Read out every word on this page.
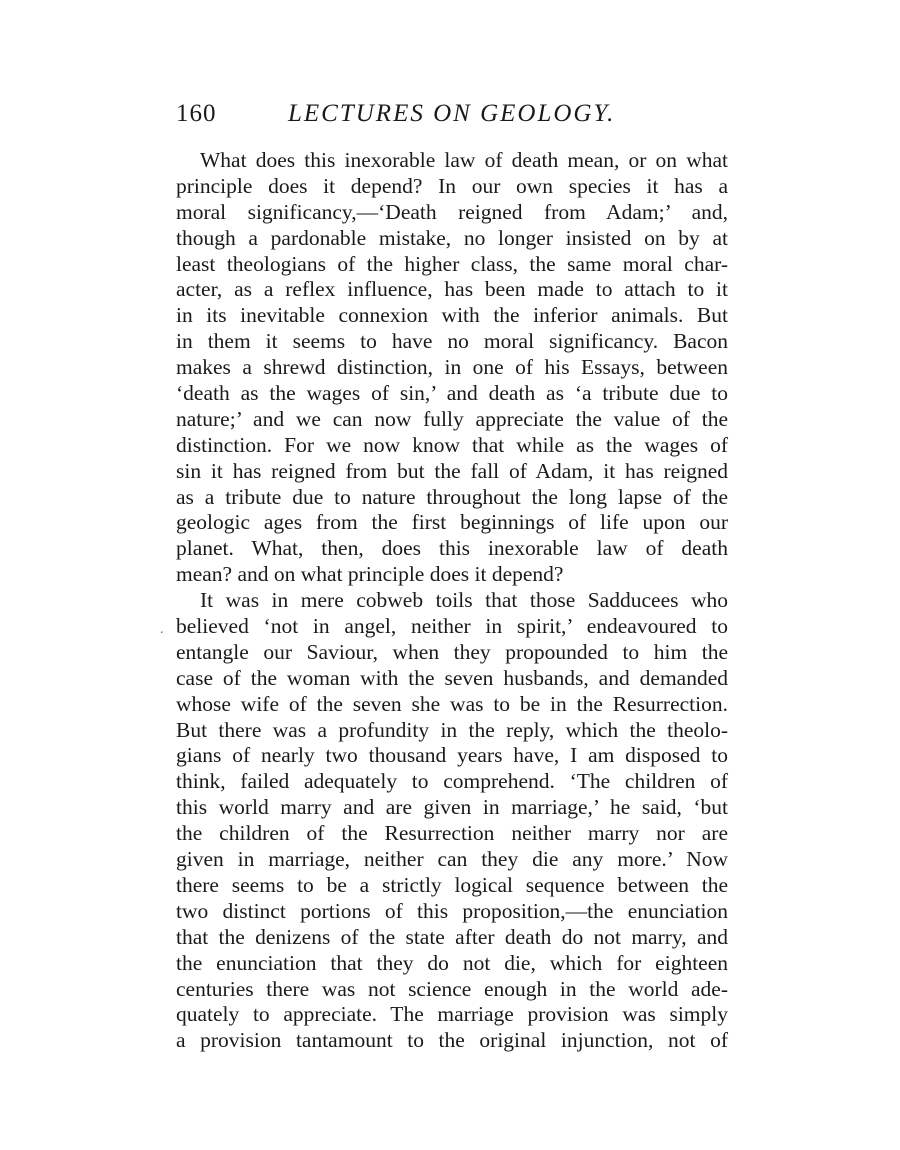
160	LECTURES ON GEOLOGY.
.
What does this inexorable law of death mean, or on what
principle does it depend? In our own species it has a
moral significancy,—‘Death reigned from Adam;’ and,
though a pardonable mistake, no longer insisted on by at
least theologians of the higher class, the same moral char-
acter, as a reflex influence, has been made to attach to it
in its inevitable connexion with the inferior animals. But
in them it seems to have no moral significancy. Bacon
makes a shrewd distinction, in one of his Essays, between
‘death as the wages of sin,’ and death as ‘a tribute due to
nature;’ and we can now fully appreciate the value of the
distinction. For we now know that while as the wages of
sin it has reigned from but the fall of Adam, it has reigned
as a tribute due to nature throughout the long lapse of the
geologic ages from the first beginnings of life upon our
planet. What, then, does this inexorable law of death
mean? and on what principle does it depend?
It was in mere cobweb toils that those Sadducees who
believed ‘not in angel, neither in spirit,’ endeavoured to
entangle our Saviour, when they propounded to him the
case of the woman with the seven husbands, and demanded
whose wife of the seven she was to be in the Resurrection.
But there was a profundity in the reply, which the theolo-
gians of nearly two thousand years have, I am disposed to
think, failed adequately to comprehend. ‘The children of
this world marry and are given in marriage,’ he said, ‘but
the children of the Resurrection neither marry nor are
given in marriage, neither can they die any more.’ Now
there seems to be a strictly logical sequence between the
two distinct portions of this proposition,—the enunciation
that the denizens of the state after death do not marry, and
the enunciation that they do not die, which for eighteen
centuries there was not science enough in the world ade-
quately to appreciate. The marriage provision was simply
a provision tantamount to the original injunction, not of
